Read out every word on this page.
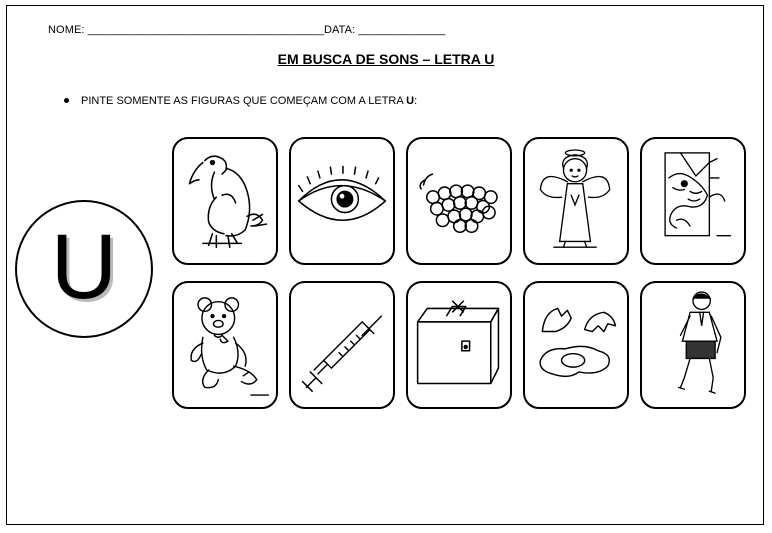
NOME: ______________________________________DATA: ______________
EM BUSCA DE SONS – LETRA U
PINTE SOMENTE AS FIGURAS QUE COMEÇAM COM A LETRA U:
U
